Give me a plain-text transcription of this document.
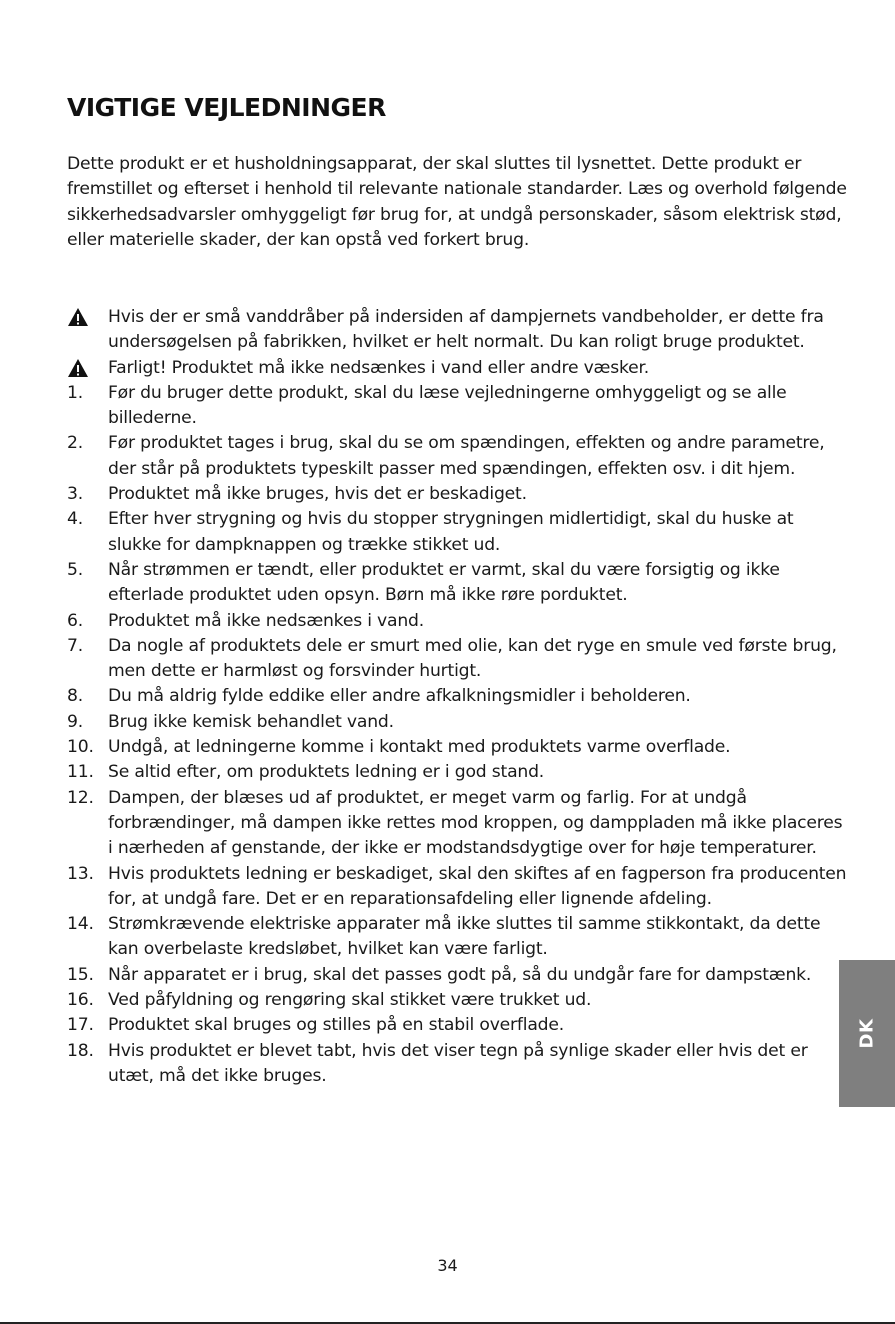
VIGTIGE VEJLEDNINGER

Dette produkt er et husholdningsapparat, der skal sluttes til lysnettet. Dette produkt er fremstillet og efterset i henhold til relevante nationale standarder. Læs og overhold følgende sikkerhedsadvarsler omhyggeligt før brug for, at undgå personskader, såsom elektrisk stød, eller materielle skader, der kan opstå ved forkert brug.

Hvis der er små vanddråber på indersiden af dampjernets vandbeholder, er dette fra undersøgelsen på fabrikken, hvilket er helt normalt. Du kan roligt bruge produktet.
Farligt! Produktet må ikke nedsænkes i vand eller andre væsker.
1.	Før du bruger dette produkt, skal du læse vejledningerne omhyggeligt og se alle billederne.
2.	Før produktet tages i brug, skal du se om spændingen, effekten og andre parametre, der står på produktets typeskilt passer med spændingen, effekten osv. i dit hjem.
3.	Produktet må ikke bruges, hvis det er beskadiget.
4.	Efter hver strygning og hvis du stopper strygningen midlertidigt, skal du huske at slukke for dampknappen og trække stikket ud.
5.	Når strømmen er tændt, eller produktet er varmt, skal du være forsigtig og ikke efterlade produktet uden opsyn. Børn må ikke røre porduktet.
6.	Produktet må ikke nedsænkes i vand.
7.	Da nogle af produktets dele er smurt med olie, kan det ryge en smule ved første brug, men dette er harmløst og forsvinder hurtigt.
8.	Du må aldrig fylde eddike eller andre afkalkningsmidler i beholderen.
9.	Brug ikke kemisk behandlet vand.
10. Undgå, at ledningerne komme i kontakt med produktets varme overflade.
11. Se altid efter, om produktets ledning er i god stand.
12. Dampen, der blæses ud af produktet, er meget varm og farlig. For at undgå forbrændinger, må dampen ikke rettes mod kroppen, og damppladen må ikke placeres i nærheden af genstande, der ikke er modstandsdygtige over for høje temperaturer.
13. Hvis produktets ledning er beskadiget, skal den skiftes af en fagperson fra producenten for, at undgå fare. Det er en reparationsafdeling eller lignende afdeling.
14. Strømkrævende elektriske apparater må ikke sluttes til samme stikkontakt, da dette kan overbelaste kredsløbet, hvilket kan være farligt.
15. Når apparatet er i brug, skal det passes godt på, så du undgår fare for dampstænk.
16. Ved påfyldning og rengøring skal stikket være trukket ud.
17. Produktet skal bruges og stilles på en stabil overflade.
18. Hvis produktet er blevet tabt, hvis det viser tegn på synlige skader eller hvis det er utæt, må det ikke bruges.
DK
34
